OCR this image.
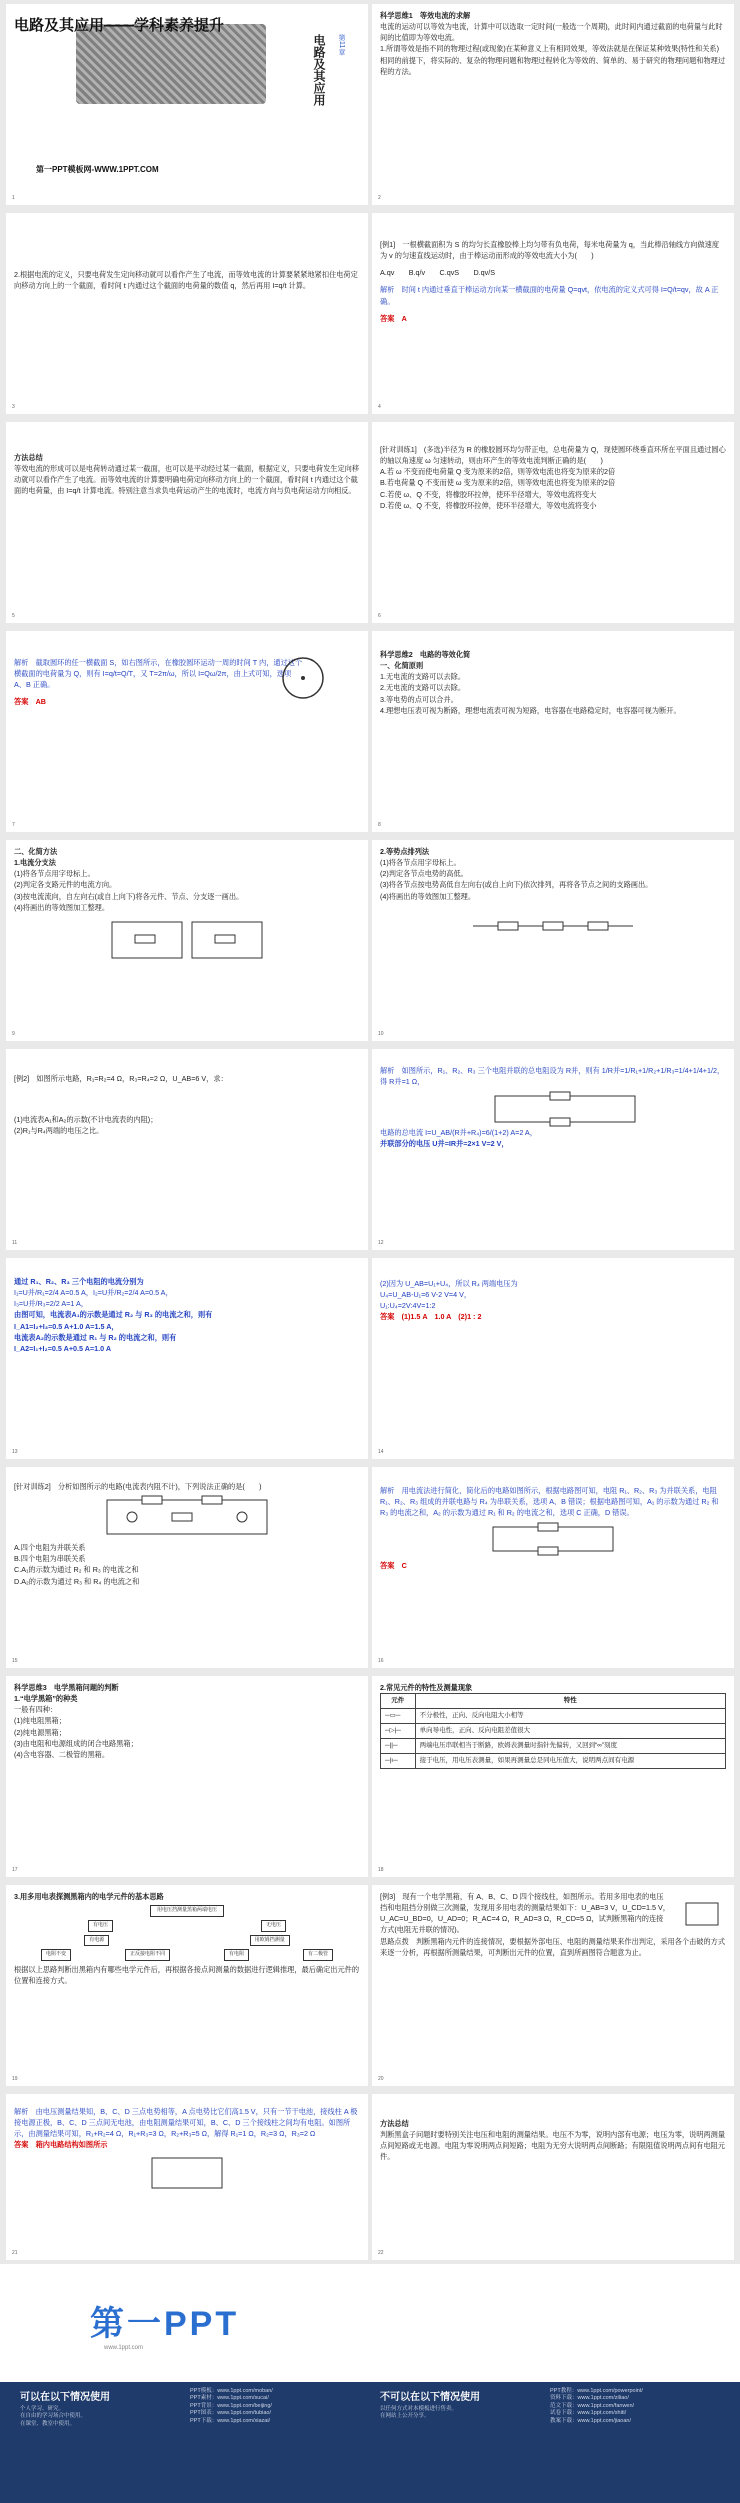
电路及其应用——学科素养提升
第11章
电路及其应用
第一PPT模板网-WWW.1PPT.COM
1

科学思维1　等效电流的求解

电流的运动可以等效为电流，计算中可以选取一定时间(一般选一个周期)，此时间内通过截面的电荷量与此时间的比值即为等效电流。
1.所谓等效是指不同的物理过程(或现象)在某种意义上有相同效果，等效法就是在保证某种效果(特性和关系)相同的前提下，将实际的、复杂的物理问题和物理过程转化为等效的、简单的、易于研究的物理问题和物理过程的方法。

2

2.根据电流的定义，只要电荷发生定向移动就可以看作产生了电流，而等效电流的计算要紧紧地紧扣住电荷定向移动方向上的一个截面，看时间 t 内通过这个截面的电荷量的数值 q，然后再用 I=q/t 计算。

3

[例1]　一根横截面积为 S 的均匀长直橡胶棒上均匀带有负电荷，每米电荷量为 q，当此棒沿轴线方向做速度为 v 的匀速直线运动时，由于棒运动而形成的等效电流大小为(　　)

A.qv　　B.q/v　　C.qvS　　D.qv/S

解析　时间 t 内通过垂直于棒运动方向某一横截面的电荷量 Q=qvt，依电流的定义式可得 I=Q/t=qv，故 A 正确。

答案　A

4

方法总结

等效电流的形成可以是电荷转动通过某一截面，也可以是平动经过某一截面，根据定义，只要电荷发生定向移动就可以看作产生了电流。而等效电流的计算要明确电荷定向移动方向上的一个截面，看时间 t 内通过这个截面的电荷量，由 I=q/t 计算电流。特别注意当求负电荷运动产生的电流时，电流方向与负电荷运动方向相反。

5

[针对训练1]　(多选)半径为 R 的橡胶圆环均匀带正电，总电荷量为 Q，现使圆环绕垂直环所在平面且通过圆心的轴以角速度 ω 匀速转动，则由环产生的等效电流判断正确的是(　　)

A.若 ω 不变而使电荷量 Q 变为原来的2倍，则等效电流也将变为原来的2倍

B.若电荷量 Q 不变而使 ω 变为原来的2倍，则等效电流也将变为原来的2倍

C.若使 ω、Q 不变，将橡胶环拉伸，使环半径增大，等效电流将变大

D.若使 ω、Q 不变，将橡胶环拉伸，使环半径增大，等效电流将变小

6

解析　截取圆环的任一横截面 S，如右图所示，在橡胶圆环运动一周的时间 T 内，通过这个横截面的电荷量为 Q，则有 I=q/t=Q/T，又 T=2π/ω，所以 I=Qω/2π，由上式可知，选项 A、B 正确。

答案　AB

7

科学思维2　电路的等效化简

一、化简原则

1.无电流的支路可以去除。

2.无电流的支路可以去除。

3.等电势的点可以合并。

4.理想电压表可视为断路，理想电流表可视为短路，电容器在电路稳定时，电容器可视为断开。

8

二、化简方法

1.电流分支法

(1)将各节点用字母标上。

(2)判定各支路元件的电流方向。

(3)按电流流向，自左向右(或自上向下)将各元件、节点、分支逐一画出。

(4)将画出的等效图加工整理。

9

2.等势点排列法

(1)将各节点用字母标上。

(2)判定各节点电势的高低。

(3)将各节点按电势高低自左向右(或自上向下)依次排列，再将各节点之间的支路画出。

(4)将画出的等效图加工整理。

10

[例2]　如图所示电路，R₁=R₂=4 Ω，R₃=R₄=2 Ω，U_AB=6 V，求：

(1)电流表A₁和A₂的示数(不计电流表的内阻)；

(2)R₁与R₄两端的电压之比。

11

解析　如图所示，R₁、R₂、R₃ 三个电阻并联的总电阻设为 R并，则有 1/R并=1/R₁+1/R₂+1/R₃=1/4+1/4+1/2，得 R并=1 Ω，

电路的总电流 I=U_AB/(R并+R₄)=6/(1+2) A=2 A，

并联部分的电压 U并=IR并=2×1 V=2 V，

12

通过 R₁、R₂、R₃ 三个电阻的电流分别为

I₁=U并/R₁=2/4 A=0.5 A，I₂=U并/R₂=2/4 A=0.5 A，

I₃=U并/R₃=2/2 A=1 A，

由图可知，电流表A₁的示数是通过 R₂ 与 R₃ 的电流之和，则有

I_A1=I₂+I₃=0.5 A+1.0 A=1.5 A，

电流表A₂的示数是通过 R₁ 与 R₂ 的电流之和，则有

I_A2=I₁+I₂=0.5 A+0.5 A=1.0 A

13

(2)因为 U_AB=U₁+U₄，所以 R₄ 两端电压为

U₄=U_AB-U₁=6 V-2 V=4 V，

U₁:U₄=2V:4V=1:2

答案　(1)1.5 A　1.0 A　(2)1 : 2

14

[针对训练2]　分析如图所示的电路(电流表内阻不计)，下列说法正确的是(　　)

A.四个电阻为并联关系

B.四个电阻为串联关系

C.A₁的示数为通过 R₂ 和 R₃ 的电流之和

D.A₂的示数为通过 R₃ 和 R₄ 的电流之和

15

解析　用电流法进行简化，简化后的电路如图所示，根据电路图可知，电阻 R₁、R₂、R₃ 为并联关系，电阻 R₁、R₂、R₃ 组成的并联电路与 R₄ 为串联关系，选项 A、B 错误；根据电路图可知，A₁ 的示数为通过 R₂ 和 R₃ 的电流之和，A₂ 的示数为通过 R₁ 和 R₂ 的电流之和，选项 C 正确，D 错误。

答案　C

16

科学思维3　电学黑箱问题的判断

1.“电学黑箱”的种类

一般有四种：

(1)纯电阻黑箱；

(2)纯电源黑箱；

(3)由电阻和电源组成的闭合电路黑箱；

(4)含电容器、二极管的黑箱。

17

2.常见元件的特性及测量现象

元件	特性
─▭─	不分极性，正向、反向电阻大小相等
─▷|─	单向导电性，正向、反向电阻差值很大
─||─	两端电压串联相当于断路，欧姆表测量时指针先偏转，又回到“∞”刻度
─|ı─	接于电压，用电压表测量，如果再测量总是同电压值大，说明两点间有电源
18

3.用多用电表探测黑箱内的电学元件的基本思路

用电压挡测量黑箱两端电压
有电压	无电压
有电源	用欧姆挡测量
电阻不变	正反接电阻不同	有电阻	有二极管

根据以上思路判断出黑箱内有哪些电学元件后，再根据各接点间测量的数据进行逻辑推理，最后确定出元件的位置和连接方式。

19

[例3]　现有一个电学黑箱，有 A、B、C、D 四个接线柱，如图所示。若用多用电表的电压挡和电阻挡分别做三次测量，发现用多用电表的测量结果如下：U_AB=3 V，U_CD=1.5 V，U_AC=U_BD=0，U_AD=0；R_AC=4 Ω，R_AD=3 Ω，R_CD=5 Ω，试判断黑箱内的连接方式(电阻无并联的情况)。

思路点拨　判断黑箱内元件的连接情况，要根据外部电压、电阻的测量结果来作出判定，采用各个击破的方式来逐一分析，再根据所测量结果，可判断出元件的位置，直到所画图符合题意为止。

20

解析　由电压测量结果知，B、C、D 三点电势相等，A 点电势比它们高1.5 V，只有一节干电池，接线柱 A 极接电源正极，B、C、D 三点间无电池，由电阻测量结果可知，B、C、D 三个接线柱之间均有电阻。如图所示，由测量结果可知，R₁+R₂=4 Ω，R₁+R₃=3 Ω，R₂+R₃=5 Ω，解得 R₁=1 Ω，R₂=3 Ω，R₃=2 Ω

答案　箱内电路结构如图所示

21

方法总结

判断黑盒子问题时要特别关注电压和电阻的测量结果。电压不为零，说明内部有电源；电压为零，说明两测量点间短路或无电源。电阻为零说明两点间短路；电阻为无穷大说明两点间断路；有限阻值说明两点间有电阻元件。

22
第一PPT
www.1ppt.com
可以在以下情况使用
个人学习、研究。
在自由的学习场合中使用。
在课堂、教室中使用。
PPT模板：www.1ppt.com/moban/
PPT素材：www.1ppt.com/sucai/
PPT背景：www.1ppt.com/beijing/
PPT图表：www.1ppt.com/tubiao/
PPT下载：www.1ppt.com/xiazai/
不可以在以下情况使用
以任何方式对本模板进行售卖。
在网站上公开分享。
PPT教程：www.1ppt.com/powerpoint/
资料下载：www.1ppt.com/ziliao/
范文下载：www.1ppt.com/fanwen/
试卷下载：www.1ppt.com/shiti/
教案下载：www.1ppt.com/jiaoan/
